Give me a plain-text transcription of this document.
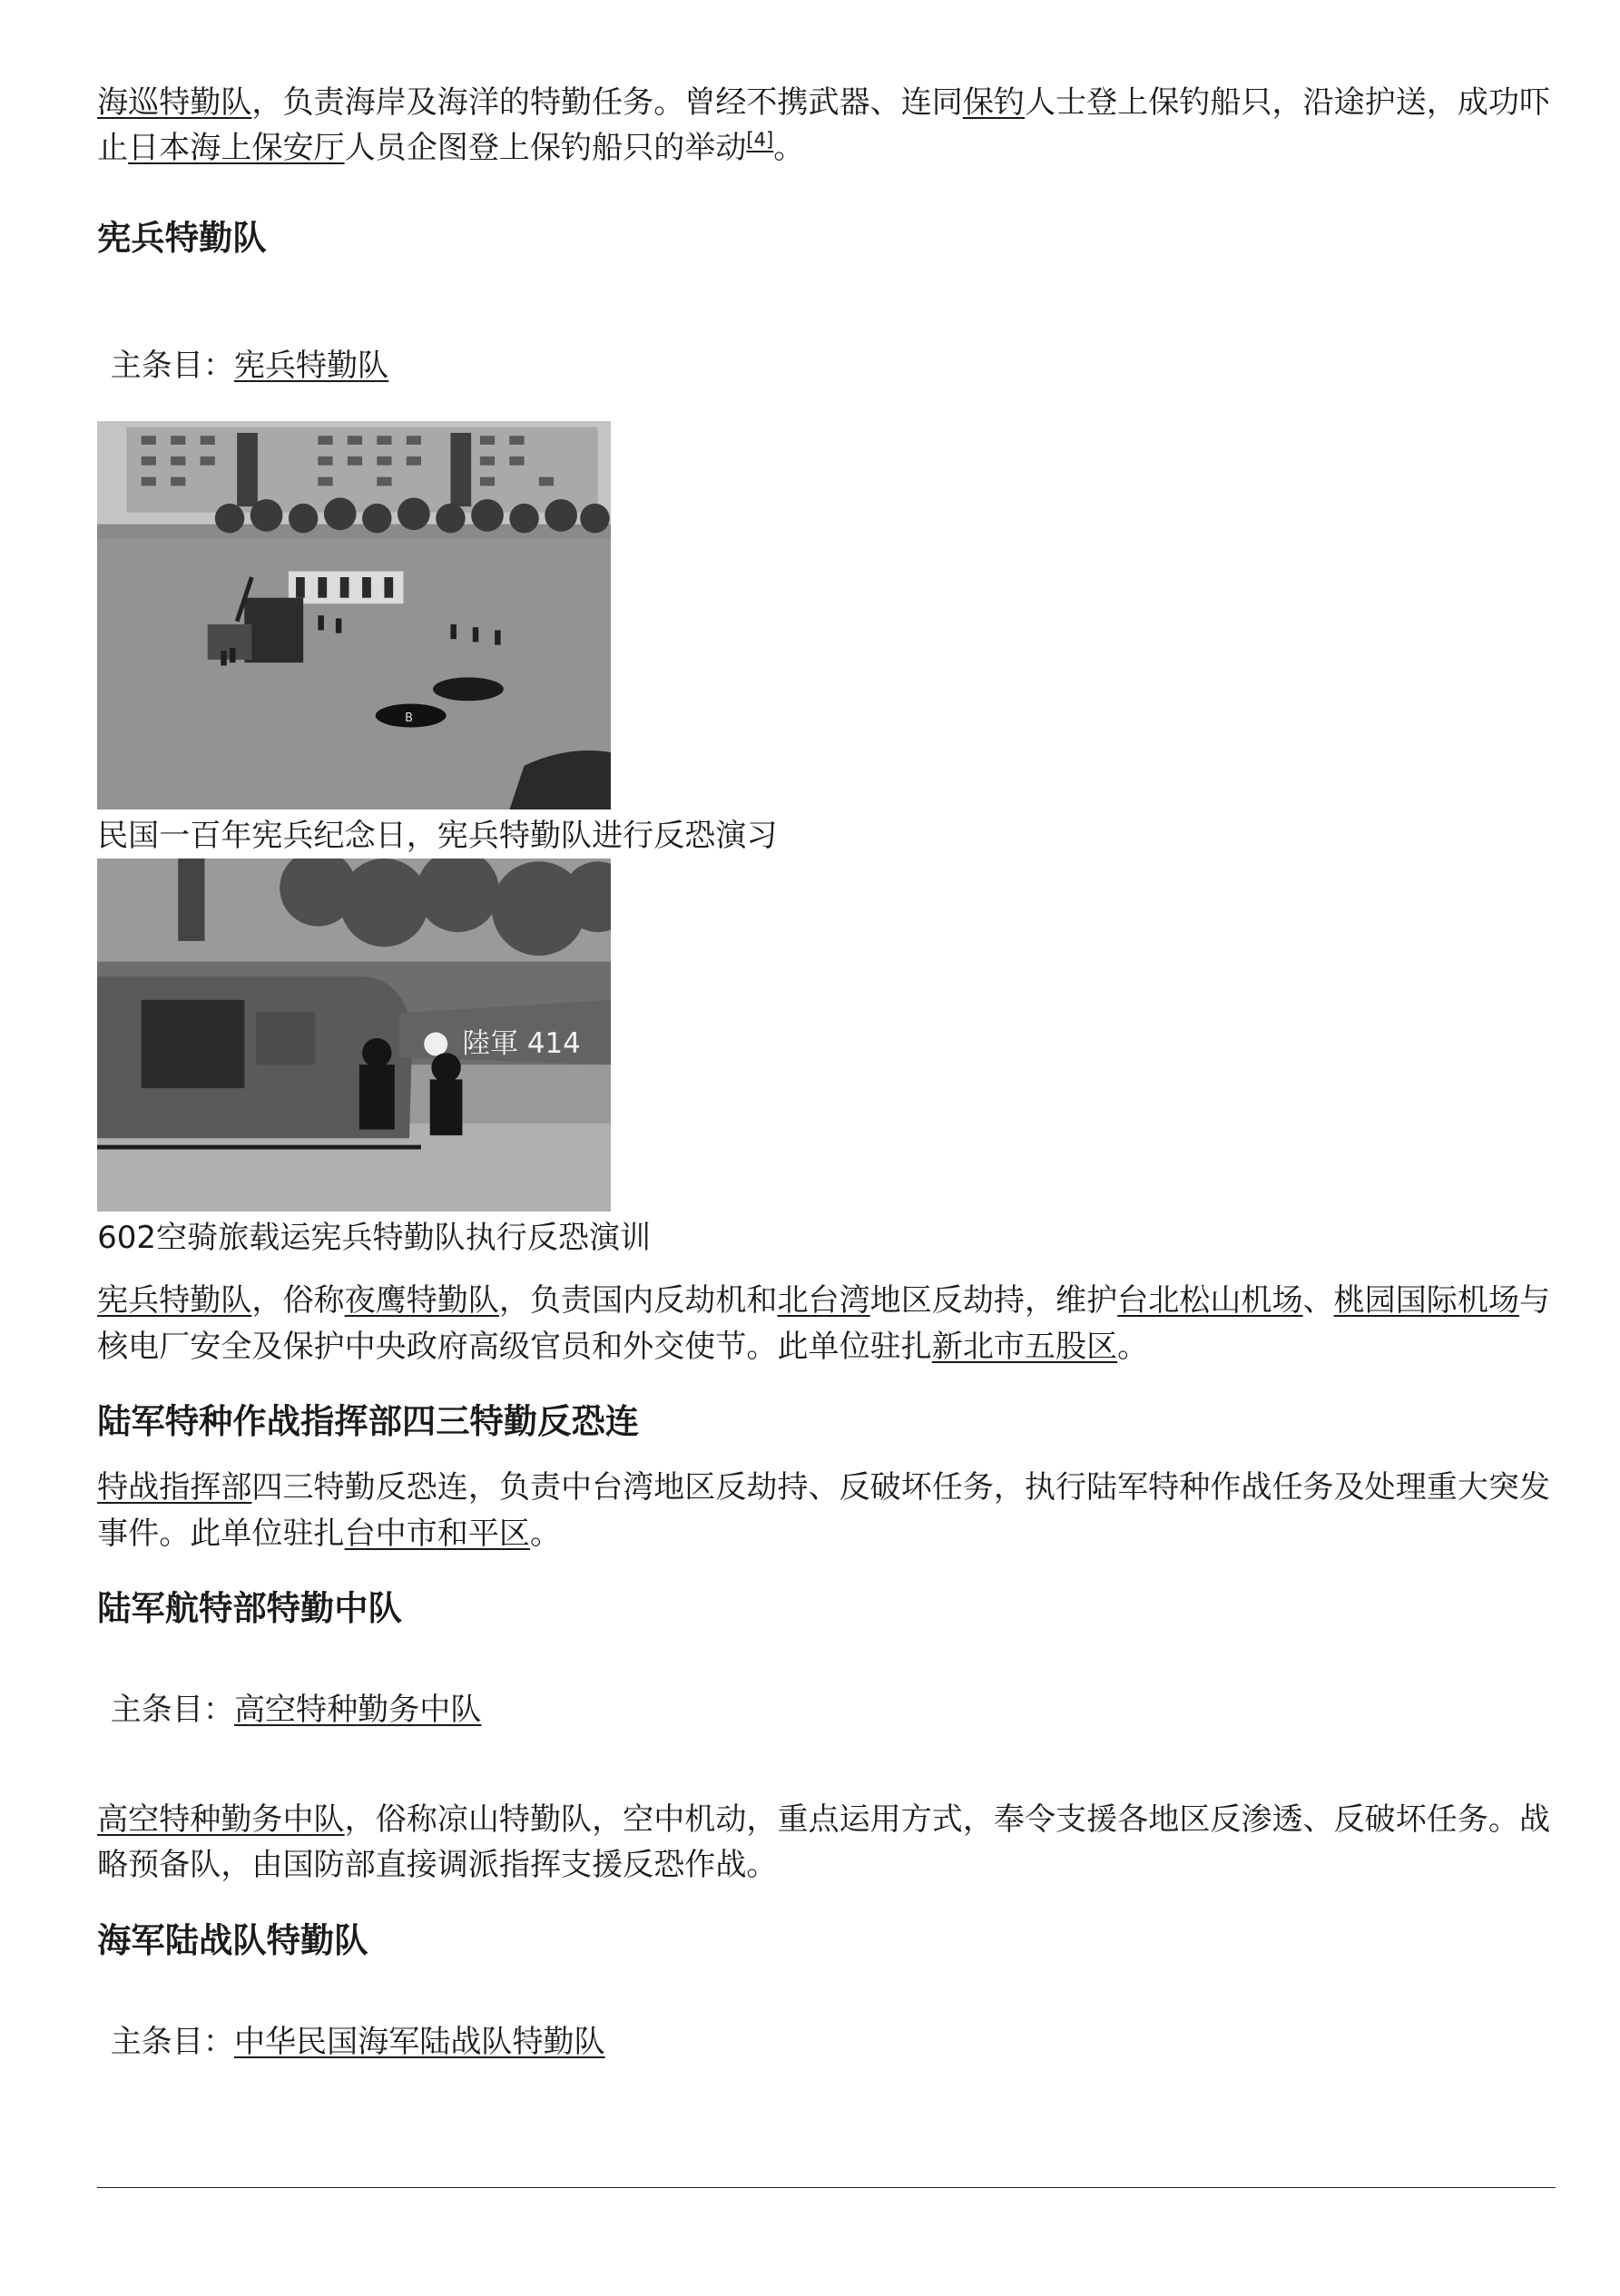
海巡特勤队，负责海岸及海洋的特勤任务。曾经不携武器、连同保钓人士登上保钓船只，沿途护送，成功吓止日本海上保安厅人员企图登上保钓船只的举动[4]。

宪兵特勤队
主条目：宪兵特勤队
B
民国一百年宪兵纪念日，宪兵特勤队进行反恐演习
陸軍 414
602空骑旅载运宪兵特勤队执行反恐演训

宪兵特勤队，俗称夜鹰特勤队，负责国内反劫机和北台湾地区反劫持，维护台北松山机场、桃园国际机场与核电厂安全及保护中央政府高级官员和外交使节。此单位驻扎新北市五股区。

陆军特种作战指挥部四三特勤反恐连

特战指挥部四三特勤反恐连，负责中台湾地区反劫持、反破坏任务，执行陆军特种作战任务及处理重大突发事件。此单位驻扎台中市和平区。

陆军航特部特勤中队
主条目：高空特种勤务中队

高空特种勤务中队，俗称凉山特勤队，空中机动，重点运用方式，奉令支援各地区反渗透、反破坏任务。战略预备队，由国防部直接调派指挥支援反恐作战。

海军陆战队特勤队
主条目：中华民国海军陆战队特勤队
